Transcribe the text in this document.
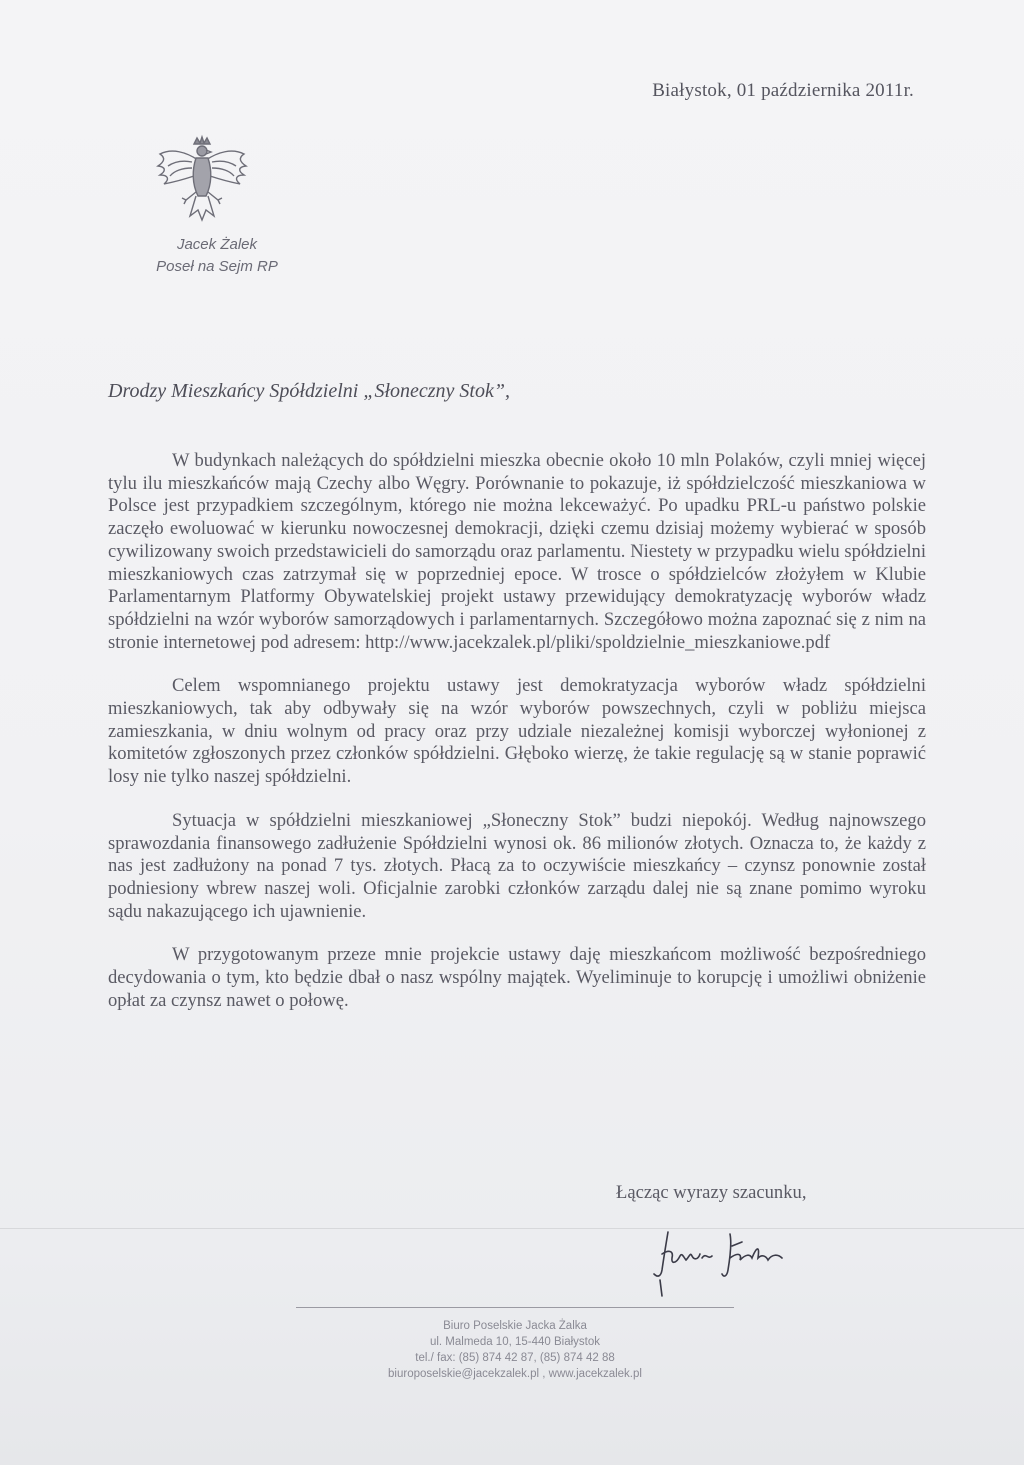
Białystok, 01 października 2011r.
Jacek Żalek
Poseł na Sejm RP
Drodzy Mieszkańcy Spółdzielni „Słoneczny Stok”,

W budynkach należących do spółdzielni mieszka obecnie około 10 mln Polaków, czyli mniej więcej tylu ilu mieszkańców mają Czechy albo Węgry. Porównanie to pokazuje, iż spółdzielczość mieszkaniowa w Polsce jest przypadkiem szczególnym, którego nie można lekceważyć. Po upadku PRL-u państwo polskie zaczęło ewoluować w kierunku nowoczesnej demokracji, dzięki czemu dzisiaj możemy wybierać w sposób cywilizowany swoich przedstawicieli do samorządu oraz parlamentu. Niestety w przypadku wielu spółdzielni mieszkaniowych czas zatrzymał się w poprzedniej epoce. W trosce o spółdzielców złożyłem w Klubie Parlamentarnym Platformy Obywatelskiej projekt ustawy przewidujący demokratyzację wyborów władz spółdzielni na wzór wyborów samorządowych i parlamentarnych. Szczegółowo można zapoznać się z nim na stronie internetowej pod adresem: http://www.jacekzalek.pl/pliki/spoldzielnie_mieszkaniowe.pdf

Celem wspomnianego projektu ustawy jest demokratyzacja wyborów władz spółdzielni mieszkaniowych, tak aby odbywały się na wzór wyborów powszechnych, czyli w pobliżu miejsca zamieszkania, w dniu wolnym od pracy oraz przy udziale niezależnej komisji wyborczej wyłonionej z komitetów zgłoszonych przez członków spółdzielni. Głęboko wierzę, że takie regulację są w stanie poprawić losy nie tylko naszej spółdzielni.

Sytuacja w spółdzielni mieszkaniowej „Słoneczny Stok” budzi niepokój. Według najnowszego sprawozdania finansowego zadłużenie Spółdzielni wynosi ok. 86 milionów złotych. Oznacza to, że każdy z nas jest zadłużony na ponad 7 tys. złotych. Płacą za to oczywiście mieszkańcy – czynsz ponownie został podniesiony wbrew naszej woli. Oficjalnie zarobki członków zarządu dalej nie są znane pomimo wyroku sądu nakazującego ich ujawnienie.

W przygotowanym przeze mnie projekcie ustawy daję mieszkańcom możliwość bezpośredniego decydowania o tym, kto będzie dbał o nasz wspólny majątek. Wyeliminuje to korupcję i umożliwi obniżenie opłat za czynsz nawet o połowę.

Łącząc wyrazy szacunku,
Biuro Poselskie Jacka Żalka
ul. Malmeda 10, 15-440 Białystok
tel./ fax: (85) 874 42 87, (85) 874 42 88
biuroposelskie@jacekzalek.pl , www.jacekzalek.pl
